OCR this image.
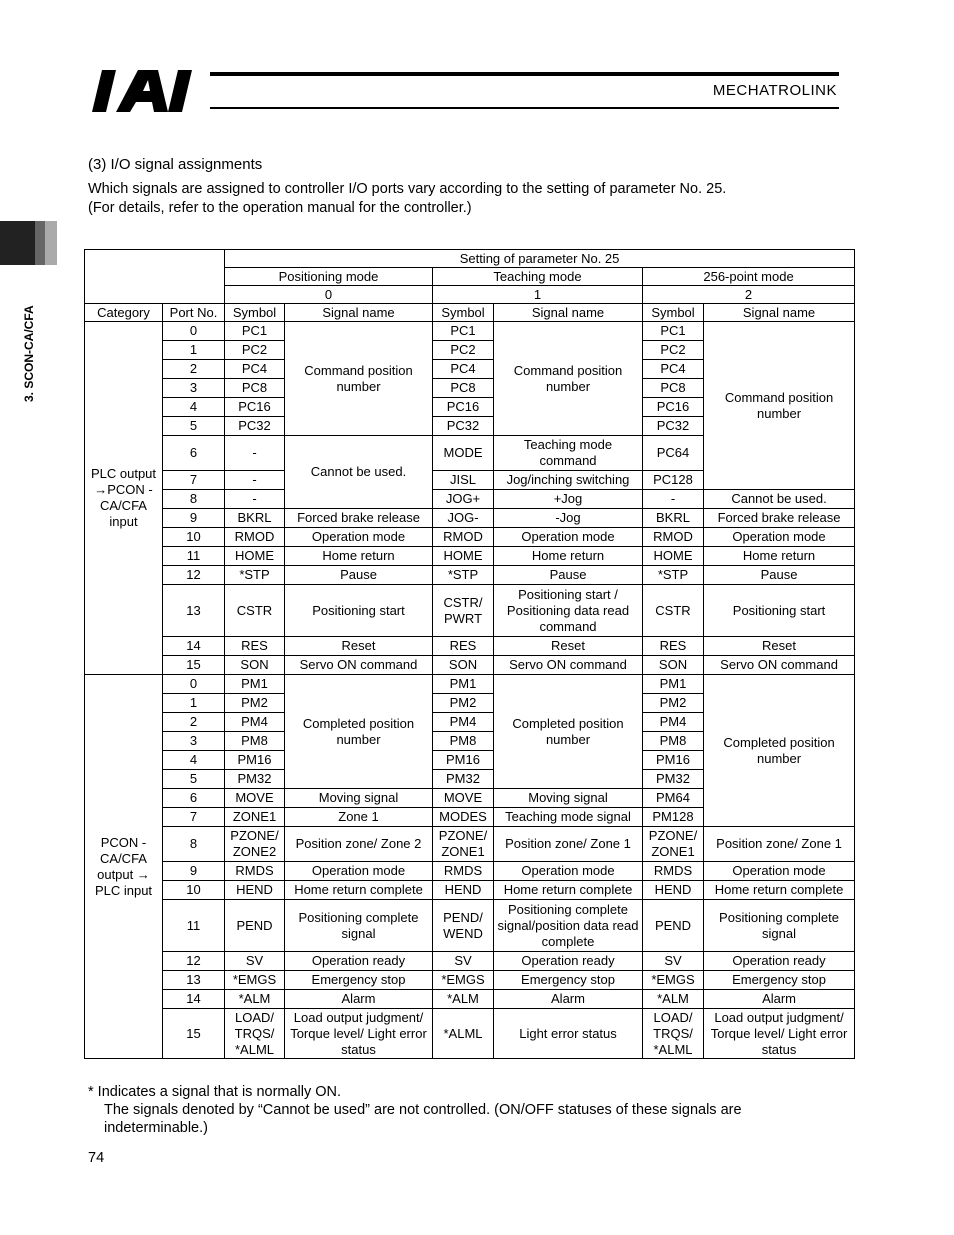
MECHATROLINK
3. SCON-CA/CFA
(3) I/O signal assignments
Which signals are assigned to controller I/O ports vary according to the setting of parameter No. 25.
(For details, refer to the operation manual for the controller.)
		Setting of parameter No. 25					
		Positioning mode		Teaching mode		256-point mode	
		0		1		2	
Category	Port No.	Symbol	Signal name	Symbol	Signal name	Symbol	Signal name
PLC output →PCON -CA/CFA input	0	PC1	Command position number	PC1	Command position number	PC1	Command position number
	1	PC2		PC2		PC2	
	2	PC4		PC4		PC4	
	3	PC8		PC8		PC8	
	4	PC16		PC16		PC16	
	5	PC32		PC32		PC32	
	6	-	Cannot be used.	MODE	Teaching mode command	PC64	
	7	-		JISL	Jog/inching switching	PC128	
	8	-		JOG+	+Jog	-	Cannot be used.
	9	BKRL	Forced brake release	JOG-	-Jog	BKRL	Forced brake release
	10	RMOD	Operation mode	RMOD	Operation mode	RMOD	Operation mode
	11	HOME	Home return	HOME	Home return	HOME	Home return
	12	*STP	Pause	*STP	Pause	*STP	Pause
	13	CSTR	Positioning start	CSTR/ PWRT	Positioning start / Positioning data read command	CSTR	Positioning start
	14	RES	Reset	RES	Reset	RES	Reset
	15	SON	Servo ON command	SON	Servo ON command	SON	Servo ON command
PCON -CA/CFA output → PLC input	0	PM1	Completed position number	PM1	Completed position number	PM1	Completed position number
	1	PM2		PM2		PM2	
	2	PM4		PM4		PM4	
	3	PM8		PM8		PM8	
	4	PM16		PM16		PM16	
	5	PM32		PM32		PM32	
	6	MOVE	Moving signal	MOVE	Moving signal	PM64	
	7	ZONE1	Zone 1	MODES	Teaching mode signal	PM128	
	8	PZONE/ ZONE2	Position zone/ Zone 2	PZONE/ ZONE1	Position zone/ Zone 1	PZONE/ ZONE1	Position zone/ Zone 1
	9	RMDS	Operation mode	RMDS	Operation mode	RMDS	Operation mode
	10	HEND	Home return complete	HEND	Home return complete	HEND	Home return complete
	11	PEND	Positioning complete signal	PEND/ WEND	Positioning complete signal/position data read complete	PEND	Positioning complete signal
	12	SV	Operation ready	SV	Operation ready	SV	Operation ready
	13	*EMGS	Emergency stop	*EMGS	Emergency stop	*EMGS	Emergency stop
	14	*ALM	Alarm	*ALM	Alarm	*ALM	Alarm
	15	LOAD/ TRQS/ *ALML	Load output judgment/ Torque level/ Light error status	*ALML	Light error status	LOAD/ TRQS/ *ALML	Load output judgment/ Torque level/ Light error status
* Indicates a signal that is normally ON.
The signals denoted by “Cannot be used” are not controlled. (ON/OFF statuses of these signals are
indeterminable.)
74
